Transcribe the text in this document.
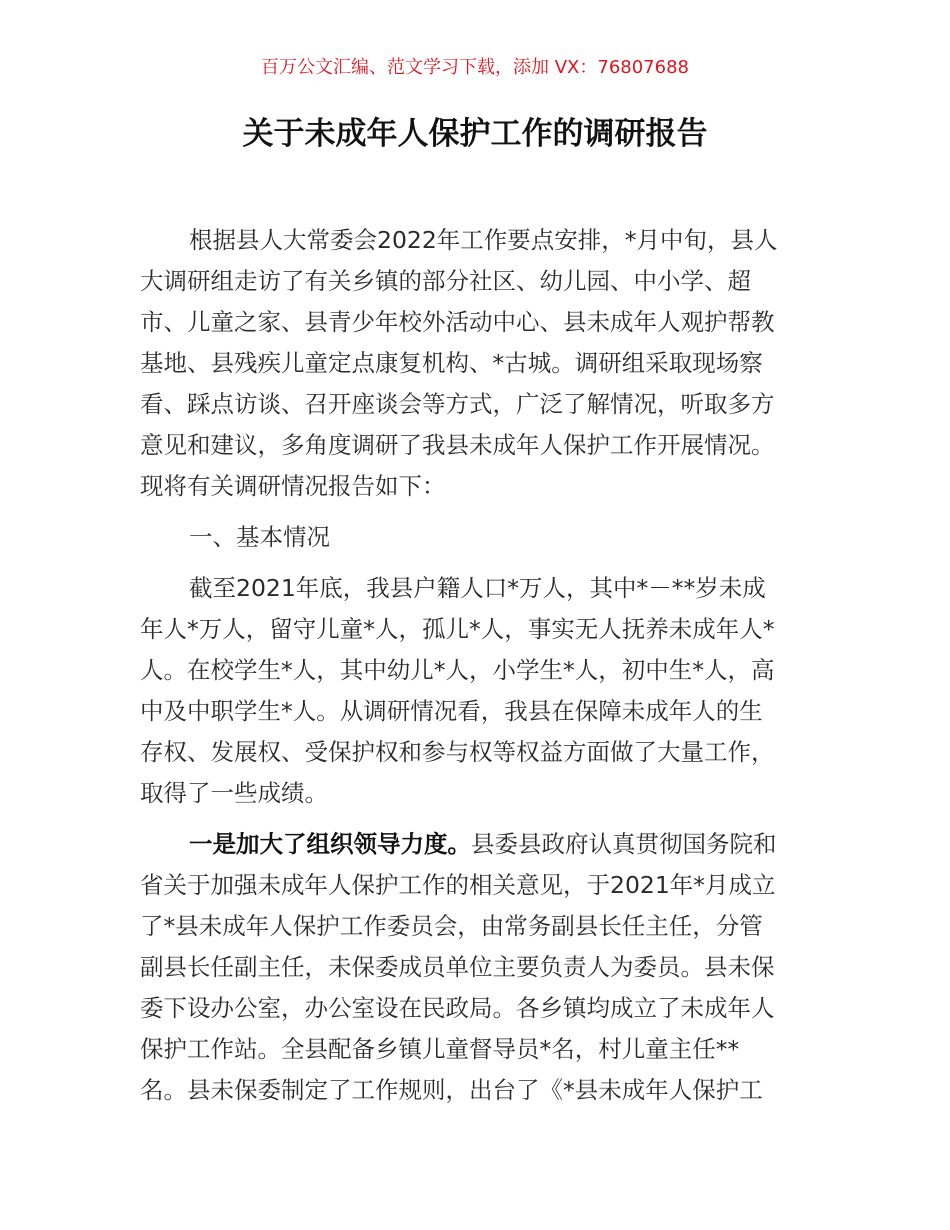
百万公文汇编、范文学习下载，添加 VX：76807688
关于未成年人保护工作的调研报告
根据县人大常委会2022年工作要点安排，*月中旬，县人
大调研组走访了有关乡镇的部分社区、幼儿园、中小学、超
市、儿童之家、县青少年校外活动中心、县未成年人观护帮教
基地、县残疾儿童定点康复机构、*古城。调研组采取现场察
看、踩点访谈、召开座谈会等方式，广泛了解情况，听取多方
意见和建议，多角度调研了我县未成年人保护工作开展情况。
现将有关调研情况报告如下：
一、基本情况
截至2021年底，我县户籍人口*万人，其中*－**岁未成
年人*万人，留守儿童*人，孤儿*人，事实无人抚养未成年人*
人。在校学生*人，其中幼儿*人，小学生*人，初中生*人，高
中及中职学生*人。从调研情况看，我县在保障未成年人的生
存权、发展权、受保护权和参与权等权益方面做了大量工作，
取得了一些成绩。
一是加大了组织领导力度。县委县政府认真贯彻国务院和
省关于加强未成年人保护工作的相关意见，于2021年*月成立
了*县未成年人保护工作委员会，由常务副县长任主任，分管
副县长任副主任，未保委成员单位主要负责人为委员。县未保
委下设办公室，办公室设在民政局。各乡镇均成立了未成年人
保护工作站。全县配备乡镇儿童督导员*名，村儿童主任**
名。县未保委制定了工作规则，出台了《*县未成年人保护工
